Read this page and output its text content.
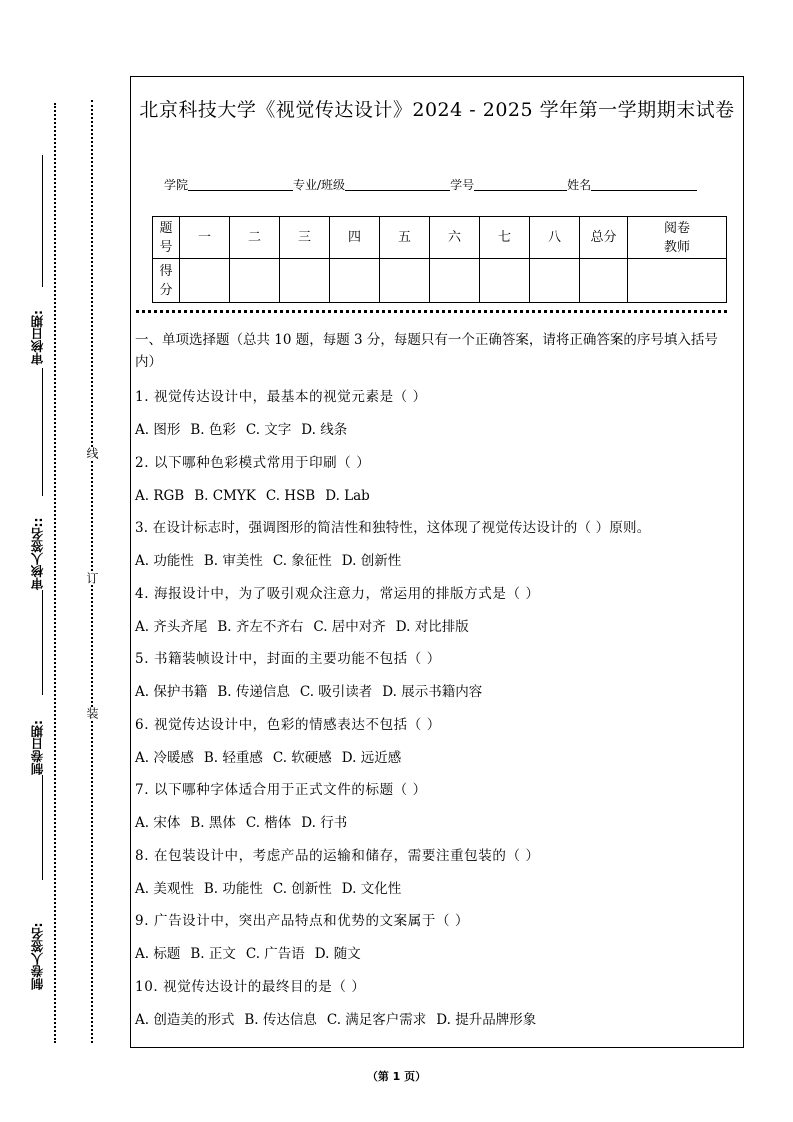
制卷人签名:
制卷日期:
审核人签名::
审核日期:
装
订
线
北京科技大学《视觉传达设计》2024 - 2025 学年第一学期期末试卷
学院	专业/班级	学号	姓名
题号	一	二	三	四	五	六	七	八	总分	阅卷教师
得分										
一、单项选择题（总共 10 题，每题 3 分，每题只有一个正确答案，请将正确答案的序号填入括号内）
1. 视觉传达设计中，最基本的视觉元素是（ ）
A. 图形 B. 色彩 C. 文字 D. 线条
2. 以下哪种色彩模式常用于印刷（ ）
A. RGB B. CMYK C. HSB D. Lab
3. 在设计标志时，强调图形的简洁性和独特性，这体现了视觉传达设计的（ ）原则。
A. 功能性 B. 审美性 C. 象征性 D. 创新性
4. 海报设计中，为了吸引观众注意力，常运用的排版方式是（ ）
A. 齐头齐尾 B. 齐左不齐右 C. 居中对齐 D. 对比排版
5. 书籍装帧设计中，封面的主要功能不包括（ ）
A. 保护书籍 B. 传递信息 C. 吸引读者 D. 展示书籍内容
6. 视觉传达设计中，色彩的情感表达不包括（ ）
A. 冷暖感 B. 轻重感 C. 软硬感 D. 远近感
7. 以下哪种字体适合用于正式文件的标题（ ）
A. 宋体 B. 黑体 C. 楷体 D. 行书
8. 在包装设计中，考虑产品的运输和储存，需要注重包装的（ ）
A. 美观性 B. 功能性 C. 创新性 D. 文化性
9. 广告设计中，突出产品特点和优势的文案属于（ ）
A. 标题 B. 正文 C. 广告语 D. 随文
10. 视觉传达设计的最终目的是（ ）
A. 创造美的形式 B. 传达信息 C. 满足客户需求 D. 提升品牌形象
（第 1 页）
